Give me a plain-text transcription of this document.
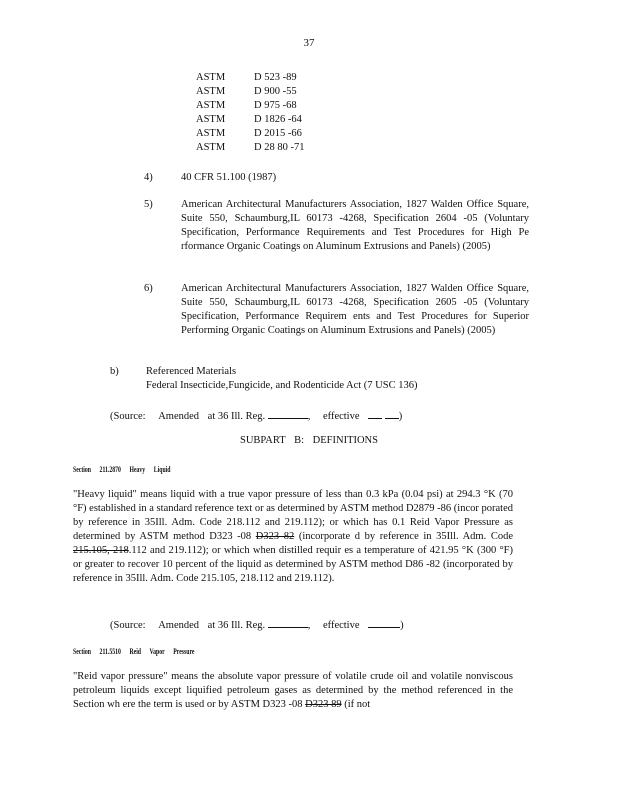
37
ASTM	D 523 -89
ASTM	D 900 -55
ASTM	D 975 -68
ASTM	D 1826 -64
ASTM	D 2015 -66
ASTM	D 28 80 -71
4)	40 CFR 51.100 (1987)
5)	American Architectural Manufacturers Association, 1827 Walden Office Square, Suite 550, Schaumburg,IL 60173 -4268, Specification 2604 -05 (Voluntary Specification, Performance Requirements and Test Procedures for High Pe rformance Organic Coatings on Aluminum Extrusions and Panels) (2005)
6)	American Architectural Manufacturers Association, 1827 Walden Office Square, Suite 550, Schaumburg,IL 60173 -4268, Specification 2605 -05 (Voluntary Specification, Performance Requirem ents and Test Procedures for Superior Performing Organic Coatings on Aluminum Extrusions and Panels) (2005)
b)	Referenced Materials
Federal Insecticide,Fungicide, and Rodenticide Act (7 USC 136)
(Source: Amended at 36 Ill. Reg.	, effective	)
SUBPART B: DEFINITIONS
Section 211.2870 Heavy Liquid
"Heavy liquid" means liquid with a true vapor pressure of less than 0.3 kPa (0.04 psi) at 294.3 °K (70 °F) established in a standard reference text or as determined by ASTM method D2879 -86 (incor porated by reference in 35Ill. Adm. Code 218.112 and 219.112); or which has 0.1 Reid Vapor Pressure as determined by ASTM method D323 -08 D323 82 (incorporate d by reference in 35Ill. Adm. Code 215.105, 218.112 and 219.112); or which when distilled requir es a temperature of 421.95 °K (300 °F) or greater to recover 10 percent of the liquid as determined by ASTM method D86 -82 (incorporated by reference in 35Ill. Adm. Code 215.105, 218.112 and 219.112).
(Source: Amended at 36 Ill. Reg.	, effective	)
Section 211.5510 Reid Vapor Pressure
"Reid vapor pressure" means the absolute vapor pressure of volatile crude oil and volatile nonviscous petroleum liquids except liquified petroleum gases as determined by the method referenced in the Section wh ere the term is used or by ASTM D323 -08 D323 89 (if not
